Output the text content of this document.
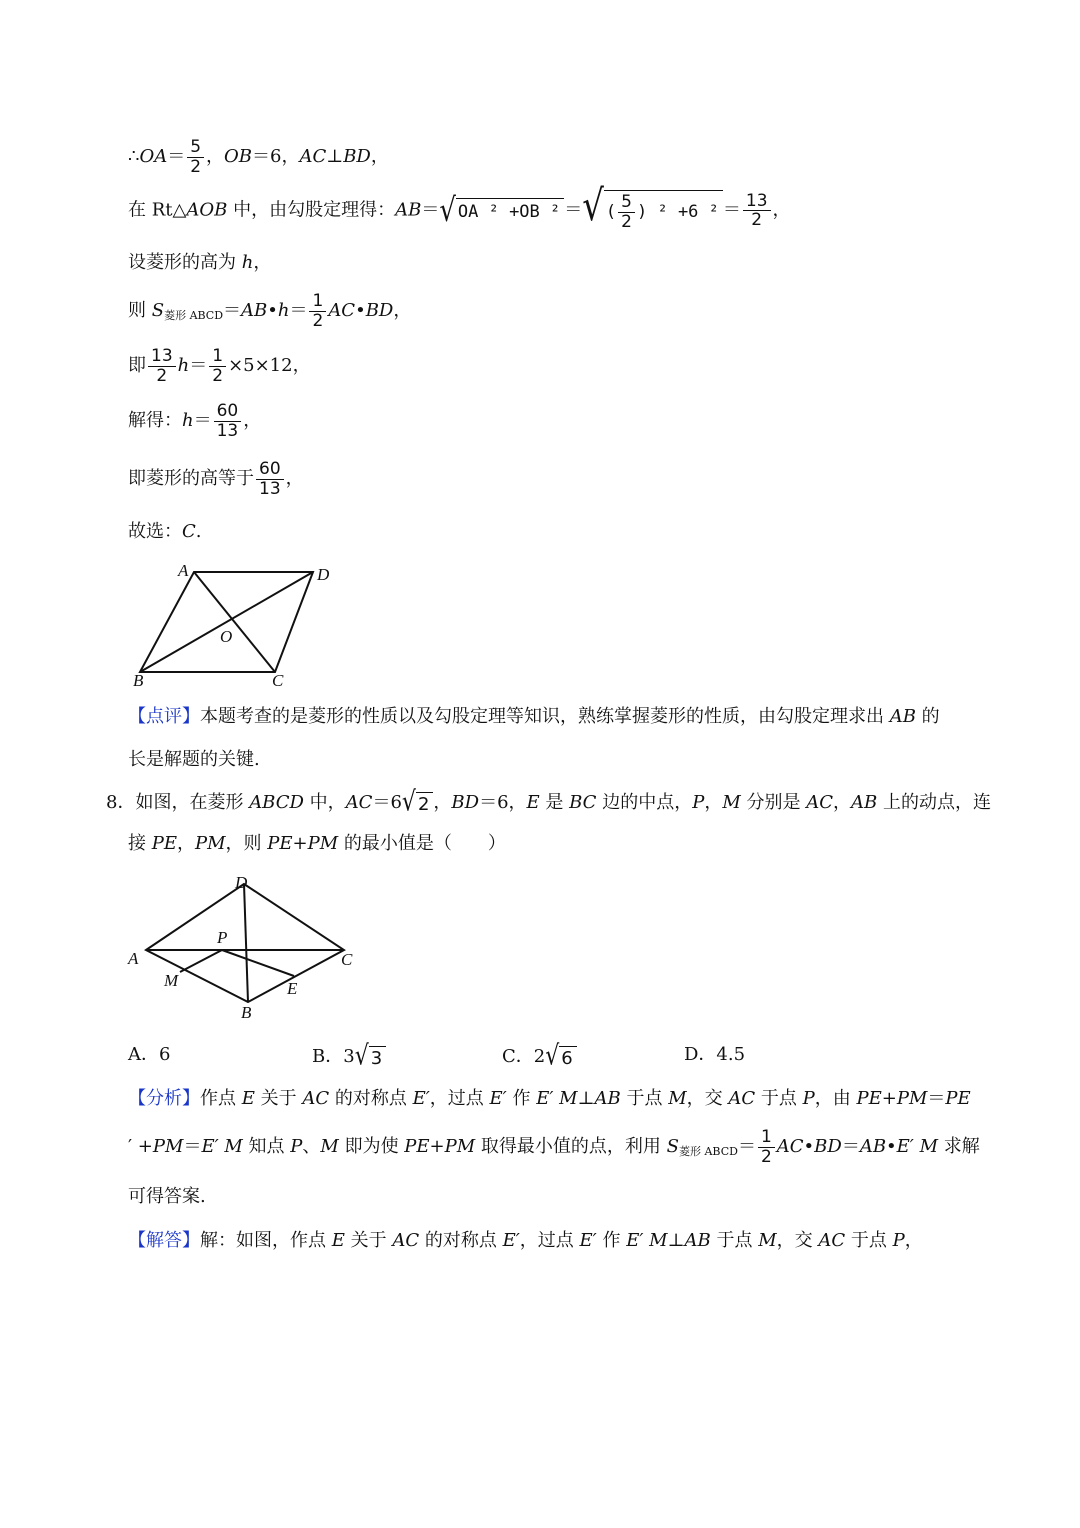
∴OA＝ $\frac{5}{2}$ ，OB＝6，AC⊥BD，
在 Rt△AOB 中，由勾股定理得：AB＝ √ OA ² +OB ² ＝ √ ( $\frac{5}{2}$ ) ² +6 $^2 = \frac{13}{2}$ ，
设菱形的高为 h，
则 S菱形 ABCD＝AB•h＝ $\frac{1}{2}$ AC•BD，
即 $\frac{13}{2} h= \frac{1}{2} \times 5\times 12$，
解得：$h= \frac{60}{13}$ ，
即菱形的高等于 $\frac{60}{13}$ ，
故选：C.
A	D
O
B	C
【点评】本题考查的是菱形的性质以及勾股定理等知识，熟练掌握菱形的性质，由勾股定理求出 AB 的
长是解题的关键.
8．如图，在菱形 ABCD 中，AC＝6 √ 2 ，BD＝6，E 是 BC 边的中点，P，M 分别是 AC，AB 上的动点，连
接 PE，PM，则 PE+PM 的最小值是（　　）
D
A
P
C
M	E
B
A．6	B．3 √ 3	C．2 √ 6	D．4.5
【分析】作点 E 关于 AC 的对称点 E′，过点 E′ 作 E′ M⊥AB 于点 M，交 AC 于点 P，由 PE+PM＝PE
′ +PM＝E′ M 知点 P、M 即为使 PE+PM 取得最小值的点，利用 S菱形 ABCD＝ $\frac{1}{2}$ AC•BD＝AB•E′ M 求解
可得答案.
【解答】解：如图，作点 E 关于 AC 的对称点 E′，过点 E′ 作 E′ M⊥AB 于点 M，交 AC 于点 P，
